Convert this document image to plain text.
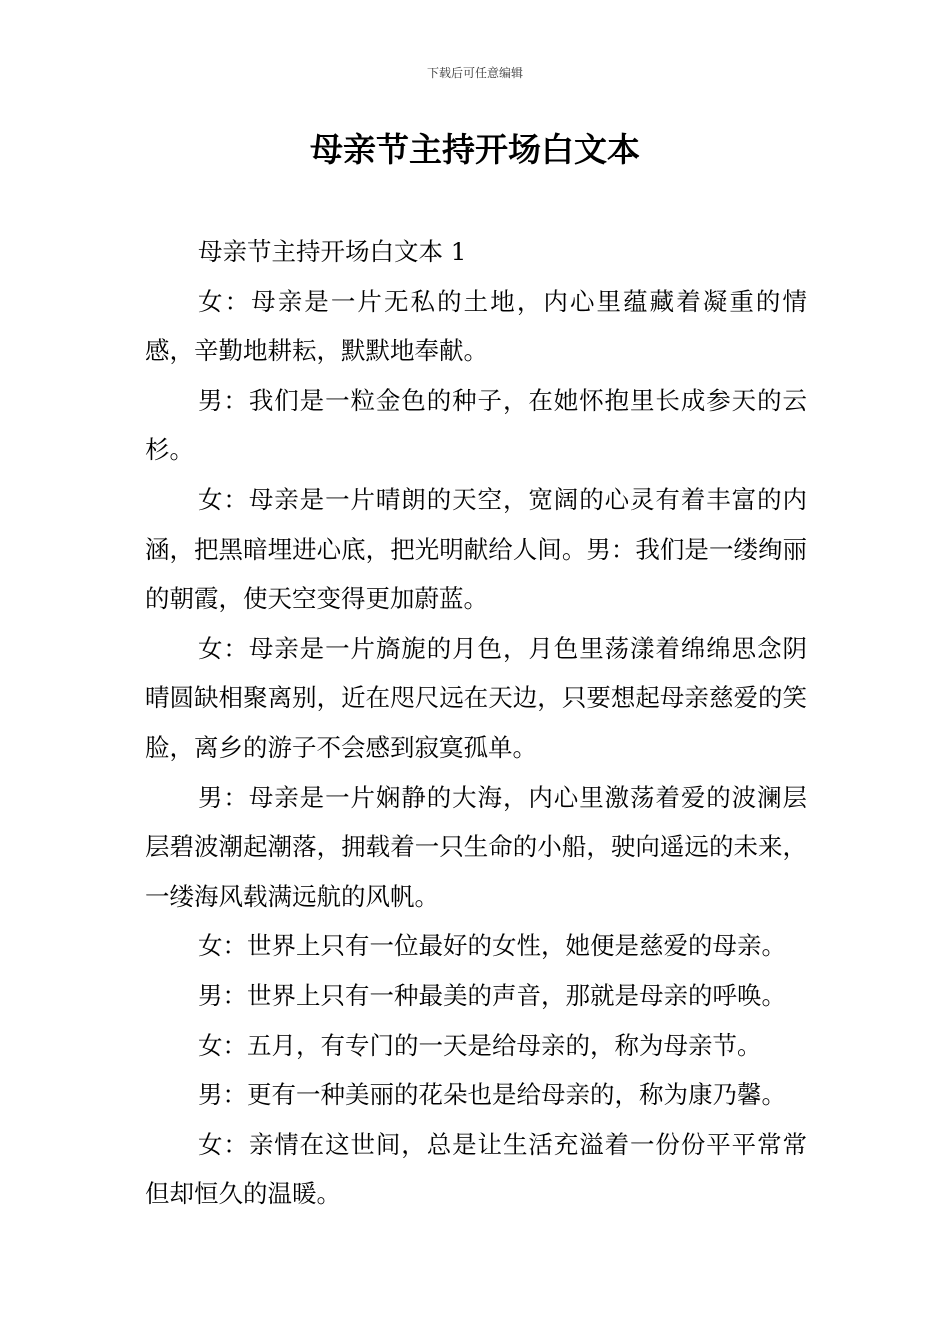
下载后可任意编辑
母亲节主持开场白文本

母亲节主持开场白文本 1

女：母亲是一片无私的土地，内心里蕴藏着凝重的情感，辛勤地耕耘，默默地奉献。

男：我们是一粒金色的种子，在她怀抱里长成参天的云杉。

女：母亲是一片晴朗的天空，宽阔的心灵有着丰富的内涵，把黑暗埋进心底，把光明献给人间。男：我们是一缕绚丽的朝霞，使天空变得更加蔚蓝。

女：母亲是一片旖旎的月色，月色里荡漾着绵绵思念阴晴圆缺相聚离别，近在咫尺远在天边，只要想起母亲慈爱的笑脸，离乡的游子不会感到寂寞孤单。

男：母亲是一片娴静的大海，内心里激荡着爱的波澜层层碧波潮起潮落，拥载着一只生命的小船，驶向遥远的未来，一缕海风载满远航的风帆。

女：世界上只有一位最好的女性，她便是慈爱的母亲。

男：世界上只有一种最美的声音，那就是母亲的呼唤。

女：五月，有专门的一天是给母亲的，称为母亲节。

男：更有一种美丽的花朵也是给母亲的，称为康乃馨。

女：亲情在这世间，总是让生活充溢着一份份平平常常但却恒久的温暖。
